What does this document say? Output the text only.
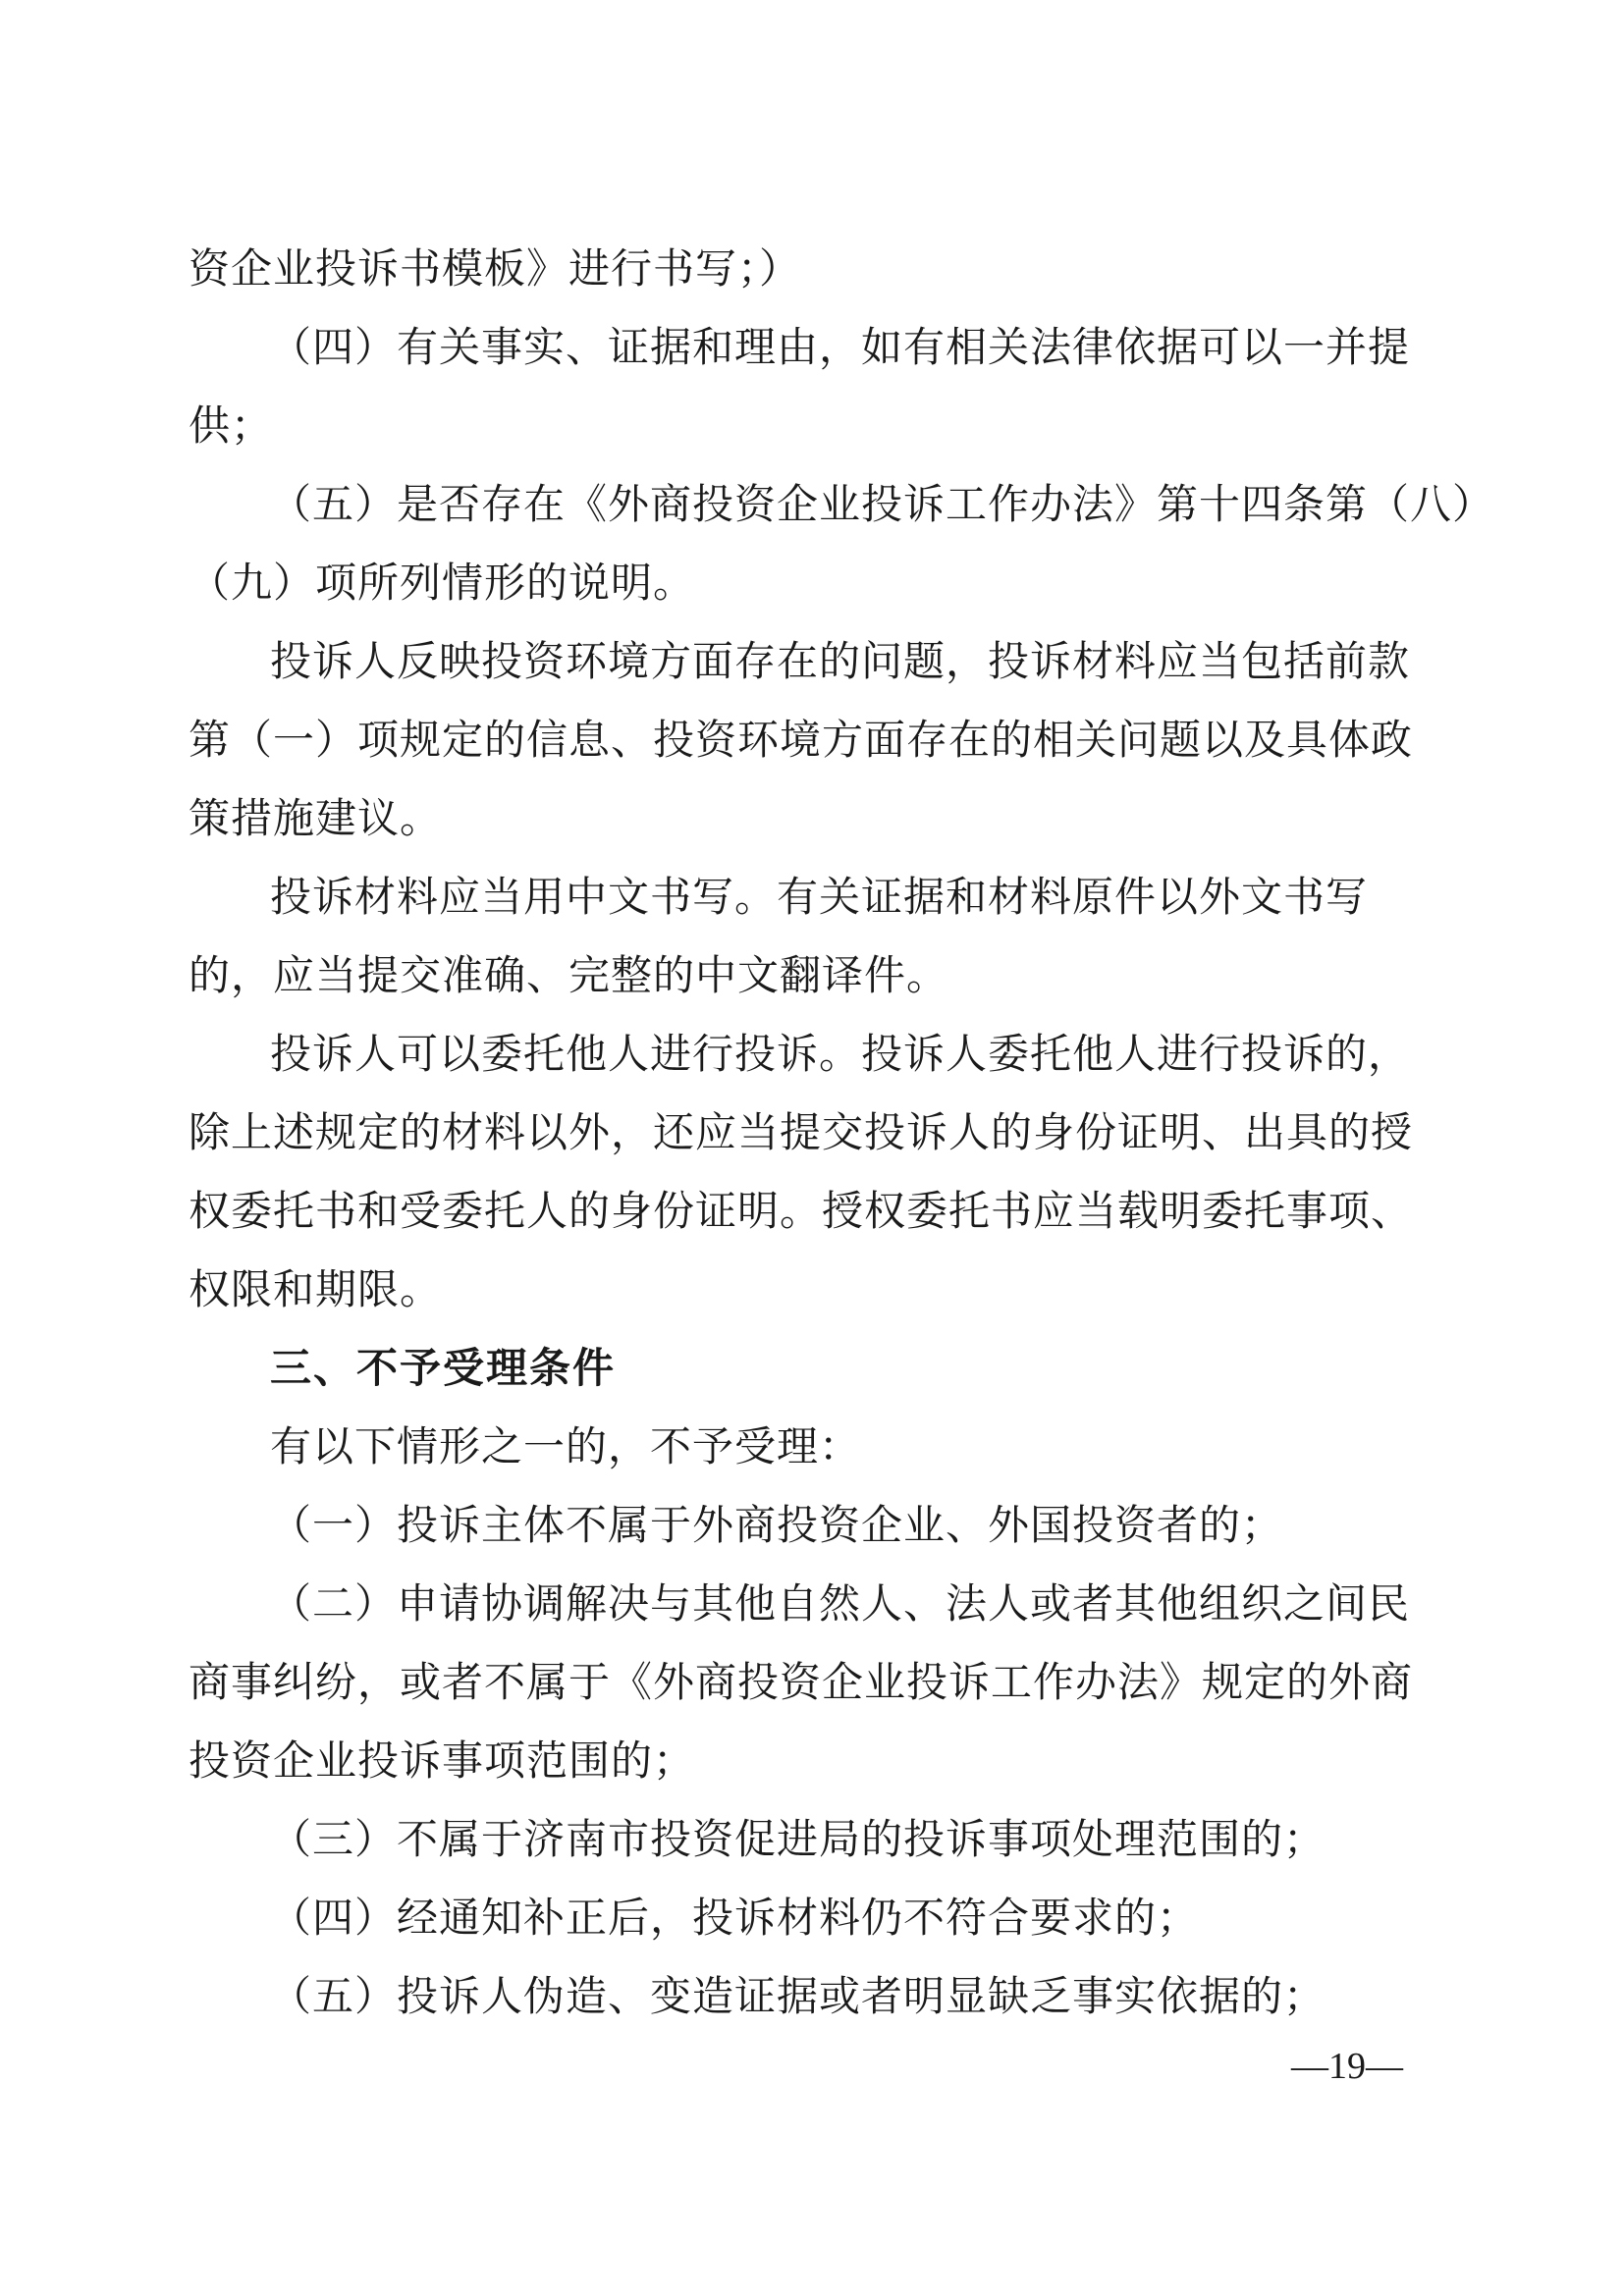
资企业投诉书模板》进行书写；）
（四）有关事实、证据和理由，如有相关法律依据可以一并提
供；
（五）是否存在《外商投资企业投诉工作办法》第十四条第（八）
（九）项所列情形的说明。
投诉人反映投资环境方面存在的问题，投诉材料应当包括前款
第（一）项规定的信息、投资环境方面存在的相关问题以及具体政
策措施建议。
投诉材料应当用中文书写。有关证据和材料原件以外文书写
的，应当提交准确、完整的中文翻译件。
投诉人可以委托他人进行投诉。投诉人委托他人进行投诉的，
除上述规定的材料以外，还应当提交投诉人的身份证明、出具的授
权委托书和受委托人的身份证明。授权委托书应当载明委托事项、
权限和期限。
三、不予受理条件
有以下情形之一的，不予受理：
（一）投诉主体不属于外商投资企业、外国投资者的；
（二）申请协调解决与其他自然人、法人或者其他组织之间民
商事纠纷，或者不属于《外商投资企业投诉工作办法》规定的外商
投资企业投诉事项范围的；
（三）不属于济南市投资促进局的投诉事项处理范围的；
（四）经通知补正后，投诉材料仍不符合要求的；
（五）投诉人伪造、变造证据或者明显缺乏事实依据的；
—19—
